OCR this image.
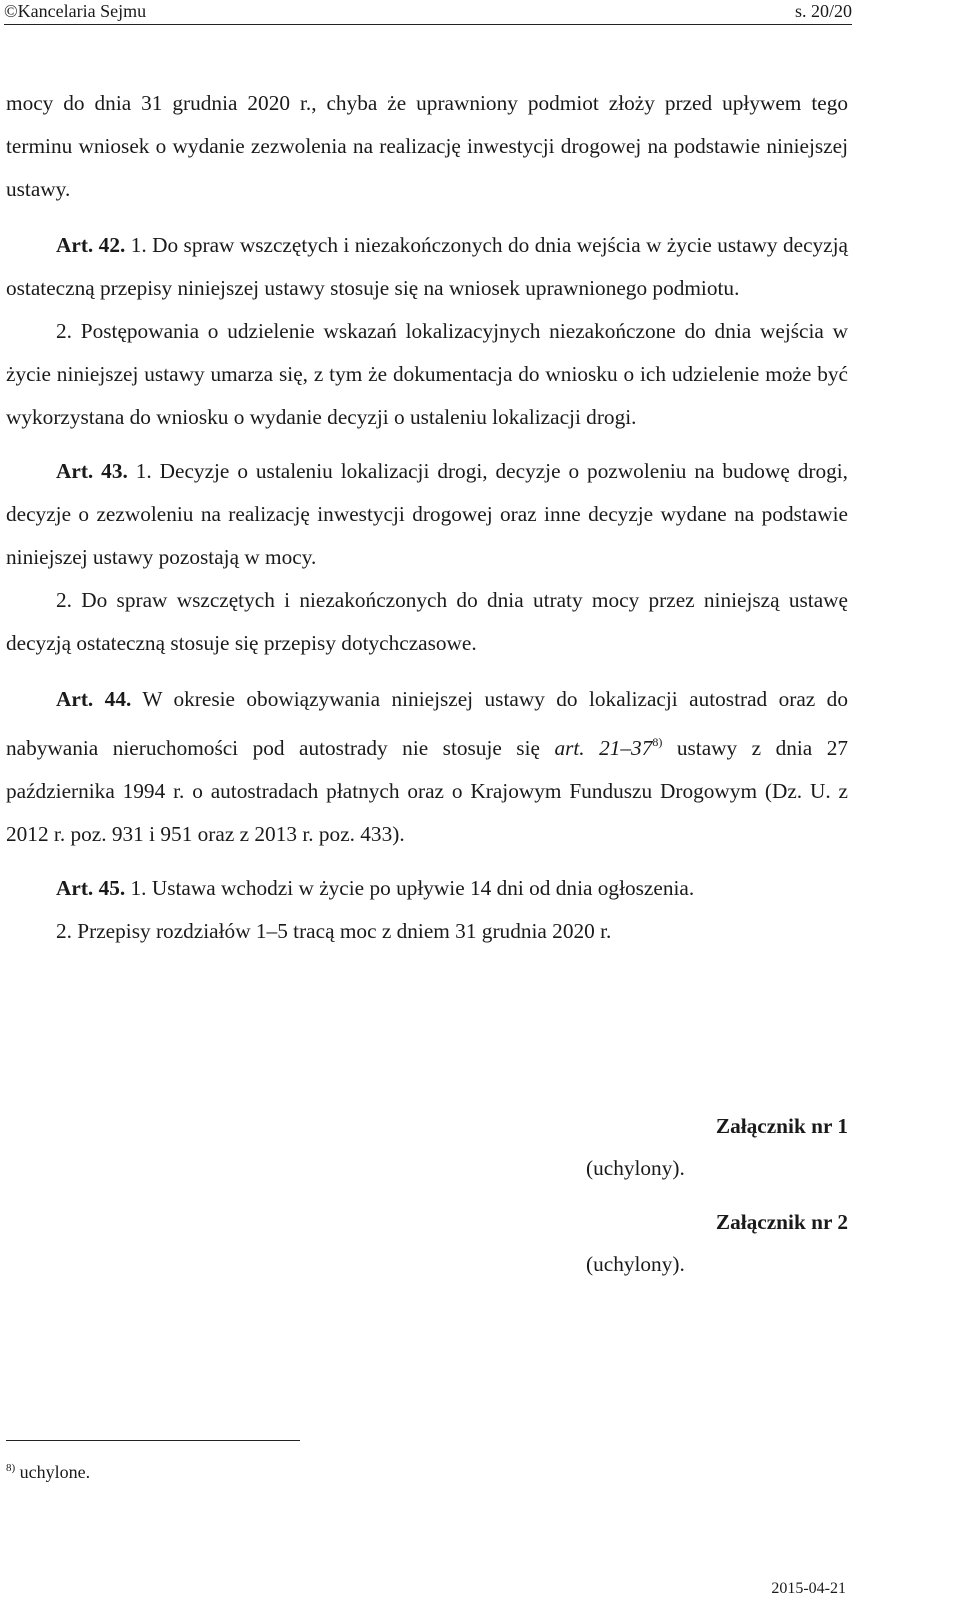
©Kancelaria Sejmu	s. 20/20

mocy do dnia 31 grudnia 2020 r., chyba że uprawniony podmiot złoży przed upływem tego terminu wniosek o wydanie zezwolenia na realizację inwestycji drogowej na podstawie niniejszej ustawy.

Art. 42. 1. Do spraw wszczętych i niezakończonych do dnia wejścia w życie ustawy decyzją ostateczną przepisy niniejszej ustawy stosuje się na wniosek uprawnionego podmiotu.

2. Postępowania o udzielenie wskazań lokalizacyjnych niezakończone do dnia wejścia w życie niniejszej ustawy umarza się, z tym że dokumentacja do wniosku o ich udzielenie może być wykorzystana do wniosku o wydanie decyzji o ustaleniu lokalizacji drogi.

Art. 43. 1. Decyzje o ustaleniu lokalizacji drogi, decyzje o pozwoleniu na budowę drogi, decyzje o zezwoleniu na realizację inwestycji drogowej oraz inne decyzje wydane na podstawie niniejszej ustawy pozostają w mocy.

2. Do spraw wszczętych i niezakończonych do dnia utraty mocy przez niniejszą ustawę decyzją ostateczną stosuje się przepisy dotychczasowe.

Art. 44. W okresie obowiązywania niniejszej ustawy do lokalizacji autostrad oraz do nabywania nieruchomości pod autostrady nie stosuje się art. 21–37$^{8)}$ ustawy z dnia 27 października 1994 r. o autostradach płatnych oraz o Krajowym Funduszu Drogowym (Dz. U. z 2012 r. poz. 931 i 951 oraz z 2013 r. poz. 433).

Art. 45. 1. Ustawa wchodzi w życie po upływie 14 dni od dnia ogłoszenia.

2. Przepisy rozdziałów 1–5 tracą moc z dniem 31 grudnia 2020 r.

Załącznik nr 1
(uchylony).
Załącznik nr 2
(uchylony).
$^{8)}$ uchylone.
2015-04-21
